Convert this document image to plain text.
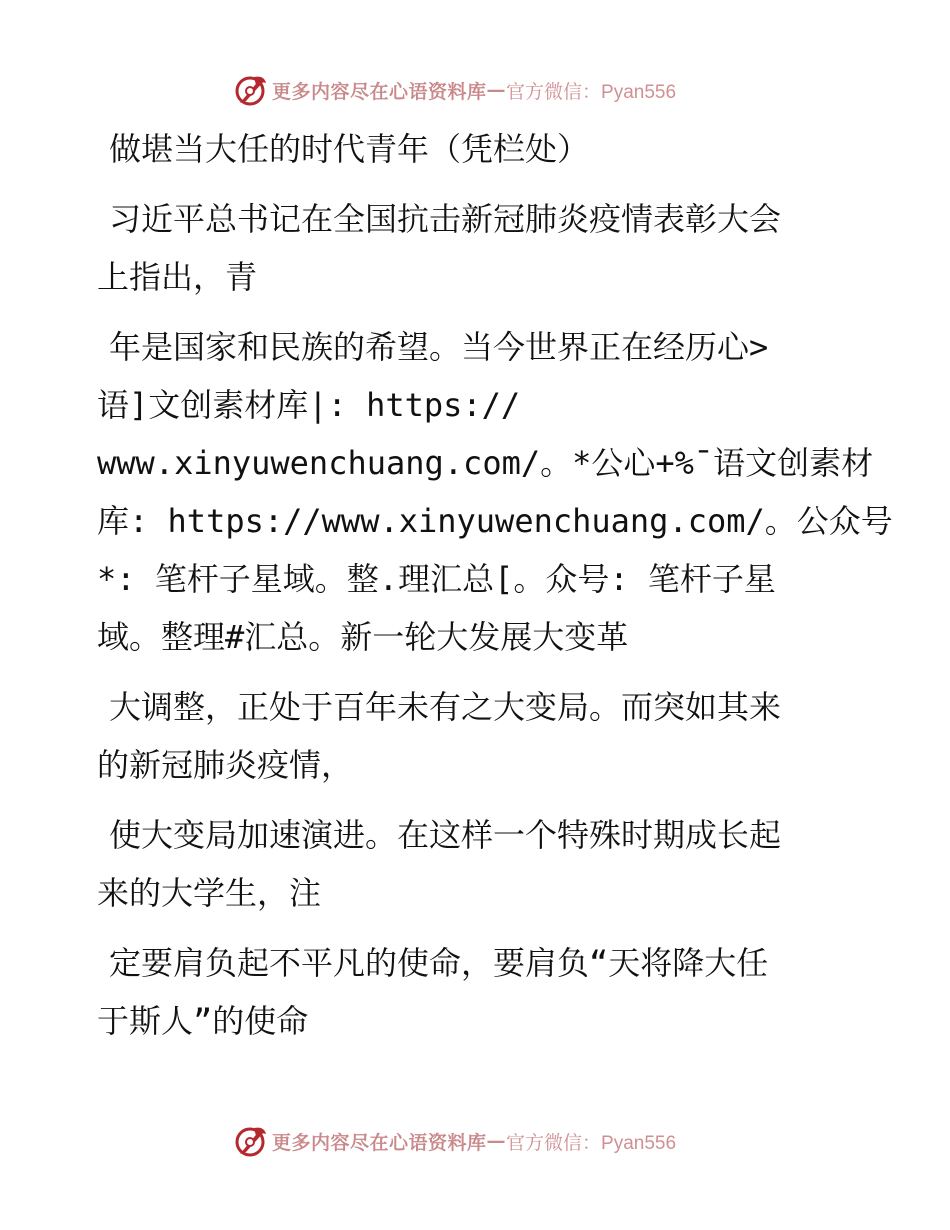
更多内容尽在心语资料库 — 官方微信：Pyan556
做堪当大任的时代青年（凭栏处）
习近平总书记在全国抗击新冠肺炎疫情表彰大会
上指出，青
年是国家和民族的希望。当今世界正在经历心>
语]文创素材库|: https://
www.xinyuwenchuang.com/。*公心+%¯语文创素材
库: https://www.xinyuwenchuang.com/。公众号
*: 笔杆子星域。整.理汇总[。众号: 笔杆子星
域。整理#汇总。新一轮大发展大变革
大调整，正处于百年未有之大变局。而突如其来
的新冠肺炎疫情，
使大变局加速演进。在这样一个特殊时期成长起
来的大学生，注
定要肩负起不平凡的使命，要肩负“天将降大任
于斯人”的使命
更多内容尽在心语资料库 — 官方微信：Pyan556
